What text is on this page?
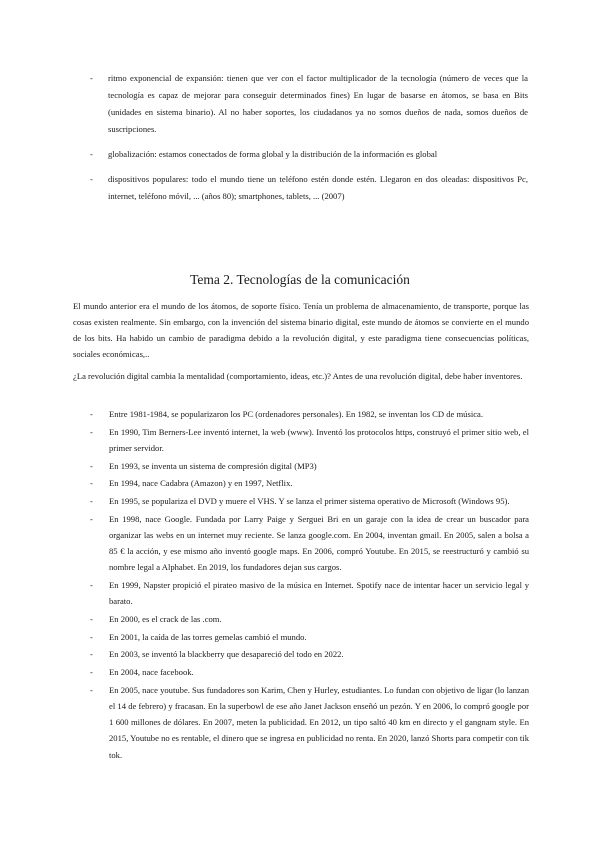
- ritmo exponencial de expansión: tienen que ver con el factor multiplicador de la tecnología (número de veces que la tecnología es capaz de mejorar para conseguir determinados fines) En lugar de basarse en átomos, se basa en Bits (unidades en sistema binario). Al no haber soportes, los ciudadanos ya no somos dueños de nada, somos dueños de suscripciones.
- globalización: estamos conectados de forma global y la distribución de la información es global
- dispositivos populares: todo el mundo tiene un teléfono estén donde estén. Llegaron en dos oleadas: dispositivos Pc, internet, teléfono móvil, ... (años 80); smartphones, tablets, ... (2007)
Tema 2. Tecnologías de la comunicación

El mundo anterior era el mundo de los átomos, de soporte físico. Tenía un problema de almacenamiento, de transporte, porque las cosas existen realmente. Sin embargo, con la invención del sistema binario digital, este mundo de átomos se convierte en el mundo de los bits. Ha habido un cambio de paradigma debido a la revolución digital, y este paradigma tiene consecuencias políticas, sociales económicas,..

¿La revolución digital cambia la mentalidad (comportamiento, ideas, etc.)? Antes de una revolución digital, debe haber inventores.

- Entre 1981-1984, se popularizaron los PC (ordenadores personales). En 1982, se inventan los CD de música.
- En 1990, Tim Berners-Lee inventó internet, la web (www). Inventó los protocolos https, construyó el primer sitio web, el primer servidor.
- En 1993, se inventa un sistema de compresión digital (MP3)
- En 1994, nace Cadabra (Amazon) y en 1997, Netflix.
- En 1995, se populariza el DVD y muere el VHS. Y se lanza el primer sistema operativo de Microsoft (Windows 95).
- En 1998, nace Google. Fundada por Larry Paige y Serguei Bri en un garaje con la idea de crear un buscador para organizar las webs en un internet muy reciente. Se lanza google.com. En 2004, inventan gmail. En 2005, salen a bolsa a 85 € la acción, y ese mismo año inventó google maps. En 2006, compró Youtube. En 2015, se reestructuró y cambió su nombre legal a Alphabet. En 2019, los fundadores dejan sus cargos.
- En 1999, Napster propició el pirateo masivo de la música en Internet. Spotify nace de intentar hacer un servicio legal y barato.
- En 2000, es el crack de las .com.
- En 2001, la caída de las torres gemelas cambió el mundo.
- En 2003, se inventó la blackberry que desapareció del todo en 2022.
- En 2004, nace facebook.
- En 2005, nace youtube. Sus fundadores son Karim, Chen y Hurley, estudiantes. Lo fundan con objetivo de ligar (lo lanzan el 14 de febrero) y fracasan. En la superbowl de ese año Janet Jackson enseñó un pezón. Y en 2006, lo compró google por 1 600 millones de dólares. En 2007, meten la publicidad. En 2012, un tipo saltó 40 km en directo y el gangnam style. En 2015, Youtube no es rentable, el dinero que se ingresa en publicidad no renta. En 2020, lanzó Shorts para competir con tik tok.
